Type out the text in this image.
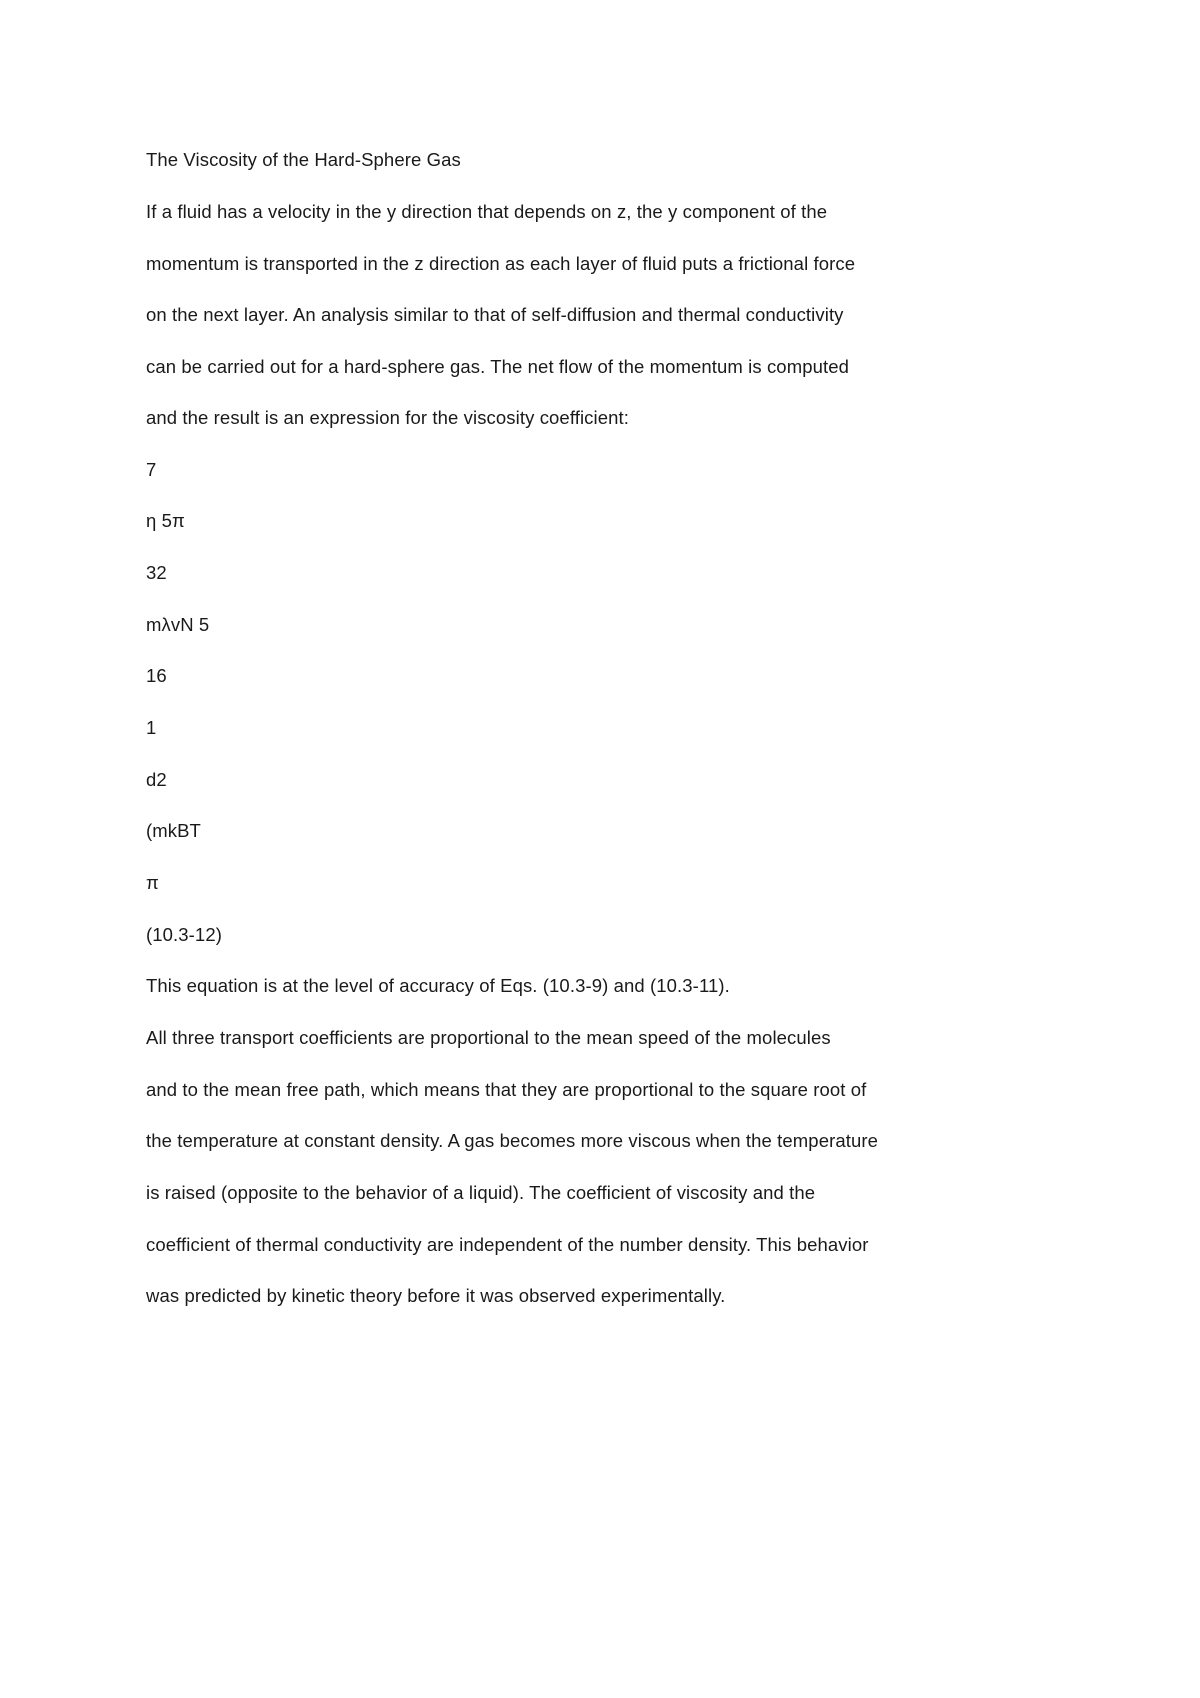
The Viscosity of the Hard-Sphere Gas
If a fluid has a velocity in the y direction that depends on z, the y component of the
momentum is transported in the z direction as each layer of fluid puts a frictional force
on the next layer. An analysis similar to that of self-diffusion and thermal conductivity
can be carried out for a hard-sphere gas. The net flow of the momentum is computed
and the result is an expression for the viscosity coefficient:
7
η 5π
32
mλvN 5
16
1
d2
(mkBT
π
(10.3-12)
This equation is at the level of accuracy of Eqs. (10.3-9) and (10.3-11).
All three transport coefficients are proportional to the mean speed of the molecules
and to the mean free path, which means that they are proportional to the square root of
the temperature at constant density. A gas becomes more viscous when the temperature
is raised (opposite to the behavior of a liquid). The coefficient of viscosity and the
coefficient of thermal conductivity are independent of the number density. This behavior
was predicted by kinetic theory before it was observed experimentally.
